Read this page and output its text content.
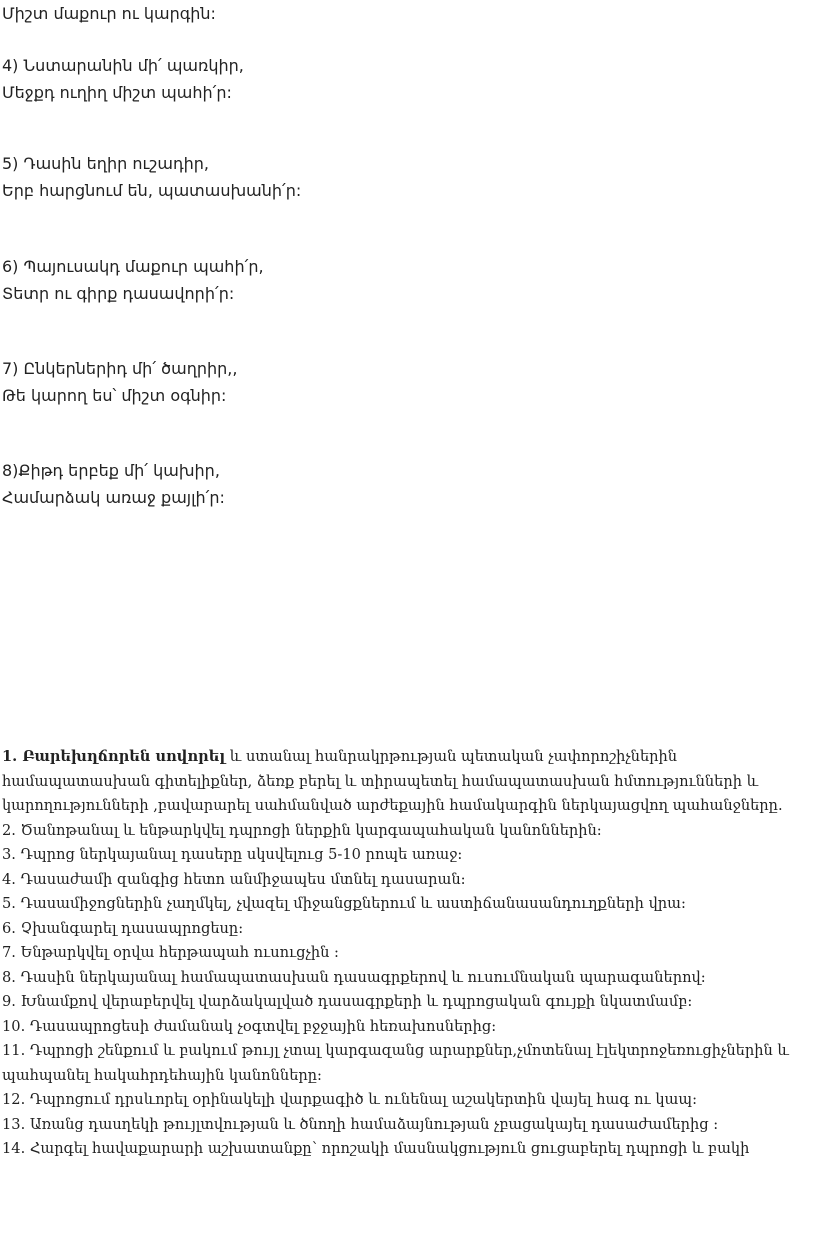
Միշտ մաքուր ու կարգին:

4) Նստարանին մի՛ պառկիր,

Մեջքդ ուղիղ միշտ պահի՛ր:

5) Դասին եղիր ուշադիր,

Երբ հարցնում են, պատասխանի՛ր:

6) Պայուսակդ մաքուր պահի՛ր,

Տետր ու գիրք դասավորի՛ր:

7) Ընկերներիդ մի՛ ծաղրիր,,

Թե կարող ես՝ միշտ օգնիր:

8)Քիթդ երբեք մի՛ կախիր,

Համարձակ առաջ քայլի՛ր:

1. Բարեխղճորեն սովորել և ստանալ հանրակրթության պետական չափորոշիչներին համապատասխան գիտելիքներ, ձեռք բերել և տիրապետել համապատասխան հմտությունների և կարողությունների ,բավարարել սահմանված արժեքային համակարգին ներկայացվող պահանջները.

2. Ծանոթանալ և ենթարկվել դպրոցի ներքին կարգապահական կանոններին:

3. Դպրոց ներկայանալ դասերը սկսվելուց 5-10 րոպե առաջ:

4. Դասաժամի զանգից հետո անմիջապես մտնել դասարան:

5. Դասամիջոցներին չաղմկել, չվազել միջանցքներում և աստիճանասանդուղքների վրա:

6. Չխանգարել դասապրոցեսը:

7. Ենթարկվել օրվա հերթապահ ուսուցչին :

8. Դասին ներկայանալ համապատասխան դասագրքերով և ուսումնական պարագաներով:

9. Խնամքով վերաբերվել վարձակալված դասագրքերի և դպրոցական գույքի նկատմամբ:

10. Դասապրոցեսի ժամանակ չօգտվել բջջային հեռախոսներից:

11. Դպրոցի շենքում և բակում թույլ չտալ կարգազանց արարքներ,չմոտենալ էլեկտրոջեռուցիչներին և պահպանել հակահրդեհային կանոնները:

12. Դպրոցում դրսևորել օրինակելի վարքագիծ և ունենալ աշակերտին վայել հագ ու կապ:

13. Առանց դասղեկի թույլտվության և ծնողի համաձայնության չբացակայել դասաժամերից :

14. Հարգել հավաքարարի աշխատանքը՝ որոշակի մասնակցություն ցուցաբերել դպրոցի և բակի
